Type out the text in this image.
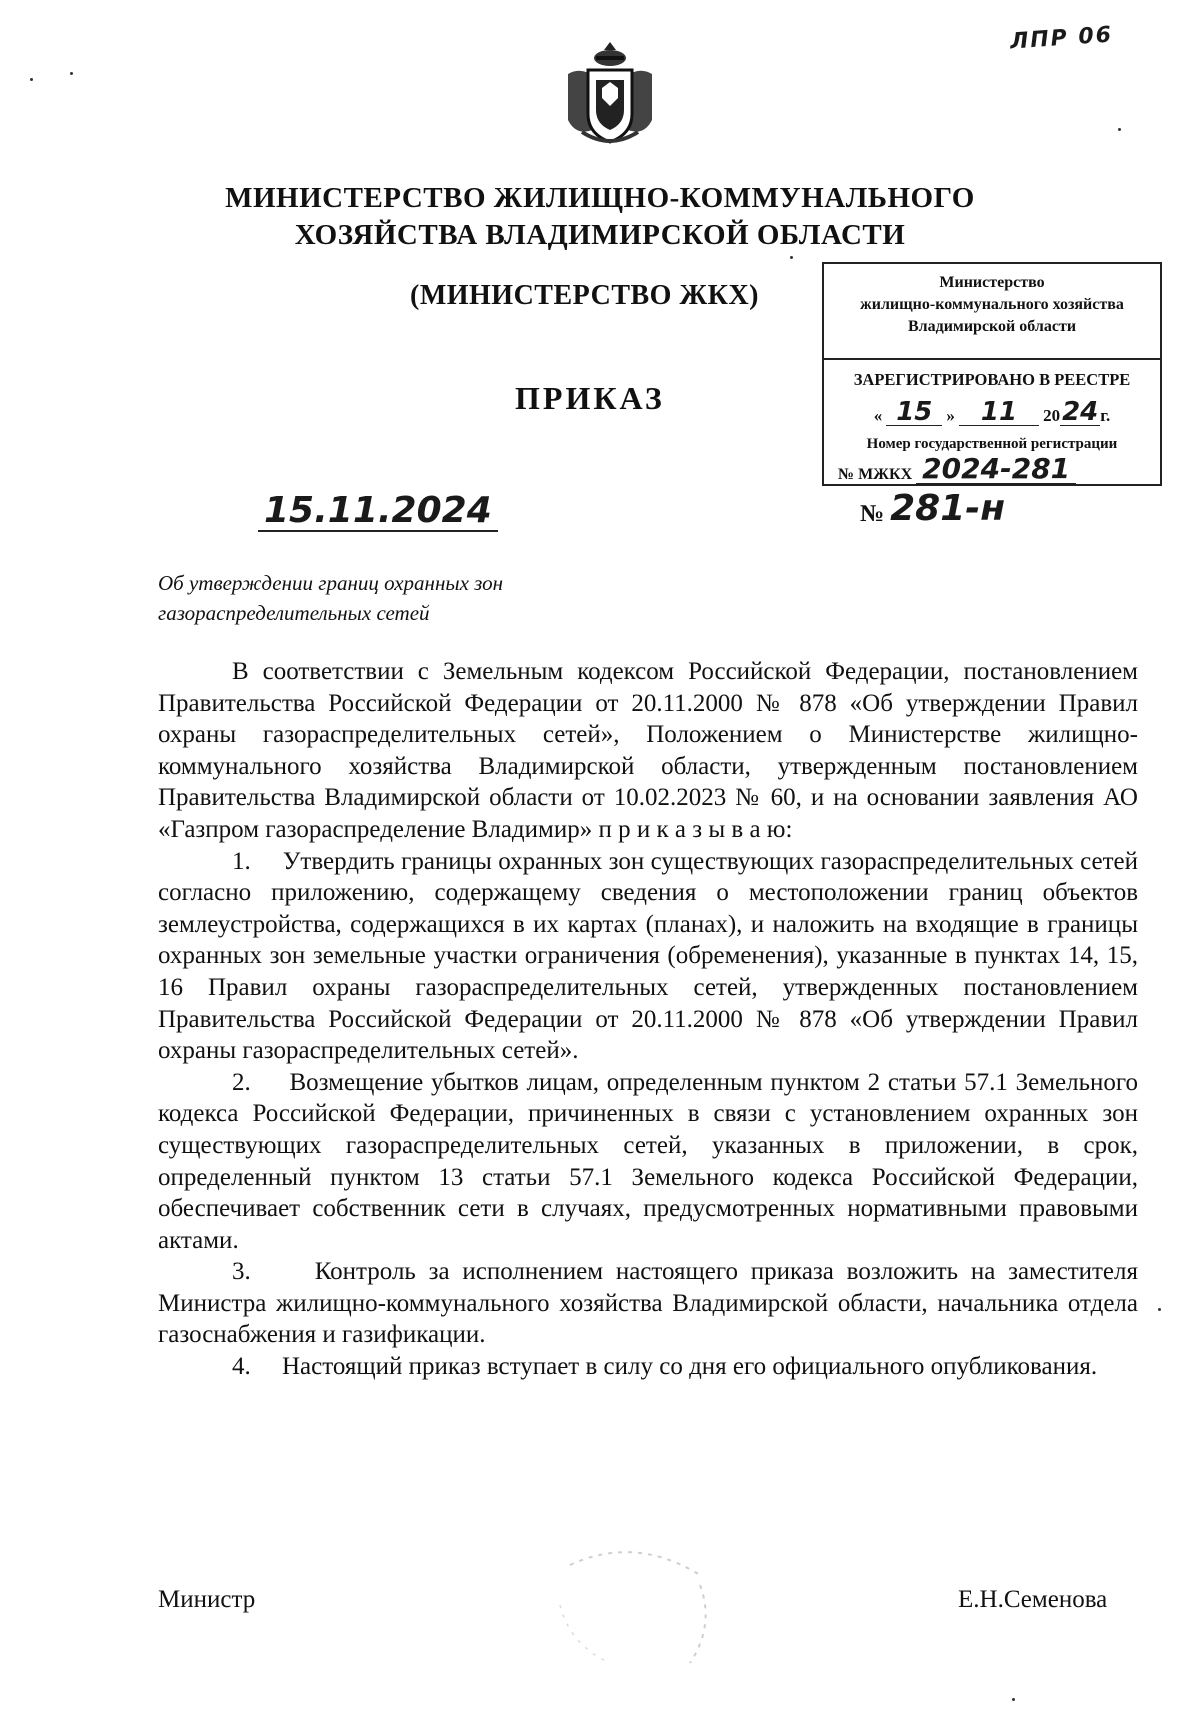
ЛПР 06
МИНИСТЕРСТВО ЖИЛИЩНО-КОММУНАЛЬНОГО
ХОЗЯЙСТВА ВЛАДИМИРСКОЙ ОБЛАСТИ
(МИНИСТЕРСТВО ЖКХ)
ПРИКАЗ
Министерство
жилищно-коммунального хозяйства
Владимирской области
ЗАРЕГИСТРИРОВАНО В РЕЕСТРЕ
« 15 »	11	20 24 г.
Номер государственной регистрации
№ МЖКХ 2024-281
15.11.2024	№ 281-н
Об утверждении границ охранных зон
газораспределительных сетей

В соответствии с Земельным кодексом Российской Федерации, постановлением Правительства Российской Федерации от 20.11.2000 № 878 «Об утверждении Правил охраны газораспределительных сетей», Положением о Министерстве жилищно-коммунального хозяйства Владимирской области, утвержденным постановлением Правительства Владимирской области от 10.02.2023 № 60, и на основании заявления АО «Газпром газораспределение Владимир» п р и к а з ы в а ю:

1. Утвердить границы охранных зон существующих газораспределительных сетей согласно приложению, содержащему сведения о местоположении границ объектов землеустройства, содержащихся в их картах (планах), и наложить на входящие в границы охранных зон земельные участки ограничения (обременения), указанные в пунктах 14, 15, 16 Правил охраны газораспределительных сетей, утвержденных постановлением Правительства Российской Федерации от 20.11.2000 № 878 «Об утверждении Правил охраны газораспределительных сетей».

2. Возмещение убытков лицам, определенным пунктом 2 статьи 57.1 Земельного кодекса Российской Федерации, причиненных в связи с установлением охранных зон существующих газораспределительных сетей, указанных в приложении, в срок, определенный пунктом 13 статьи 57.1 Земельного кодекса Российской Федерации, обеспечивает собственник сети в случаях, предусмотренных нормативными правовыми актами.

3.	Контроль за исполнением настоящего приказа возложить на заместителя Министра жилищно-коммунального хозяйства Владимирской области, начальника отдела газоснабжения и газификации.

4. Настоящий приказ вступает в силу со дня его официального опубликования.

Министр	Е.Н.Семенова
